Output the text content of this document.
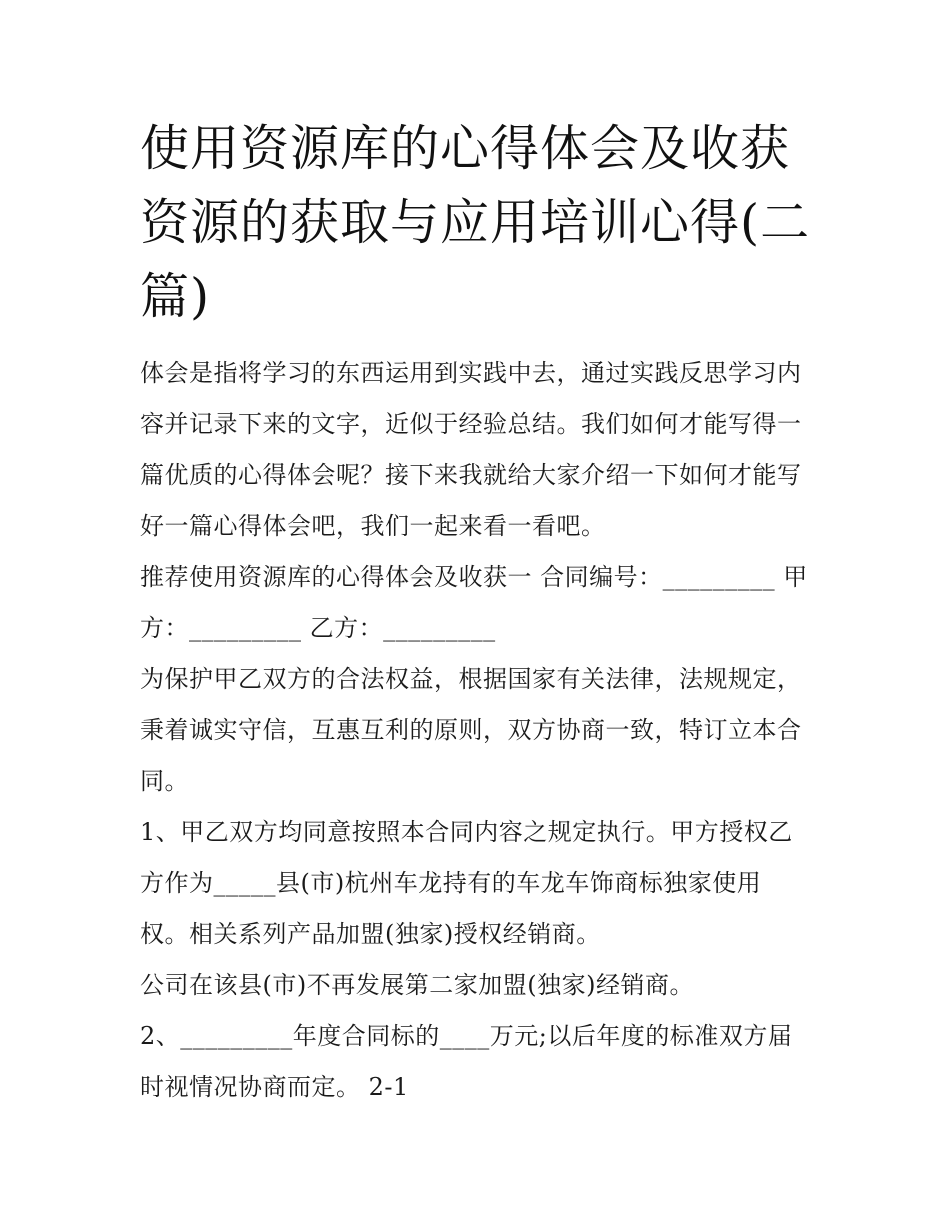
使用资源库的心得体会及收获
资源的获取与应用培训心得(二
篇)

体会是指将学习的东西运用到实践中去，通过实践反思学习内
容并记录下来的文字，近似于经验总结。我们如何才能写得一
篇优质的心得体会呢？接下来我就给大家介绍一下如何才能写
好一篇心得体会吧，我们一起来看一看吧。

推荐使用资源库的心得体会及收获一 合同编号：_________ 甲
方：_________ 乙方：_________

为保护甲乙双方的合法权益，根据国家有关法律，法规规定，
秉着诚实守信，互惠互利的原则，双方协商一致，特订立本合
同。

1、甲乙双方均同意按照本合同内容之规定执行。甲方授权乙
方作为_____县(市)杭州车龙持有的车龙车饰商标独家使用
权。相关系列产品加盟(独家)授权经销商。

公司在该县(市)不再发展第二家加盟(独家)经销商。

2、_________年度合同标的____万元;以后年度的标准双方届
时视情况协商而定。 2-1
